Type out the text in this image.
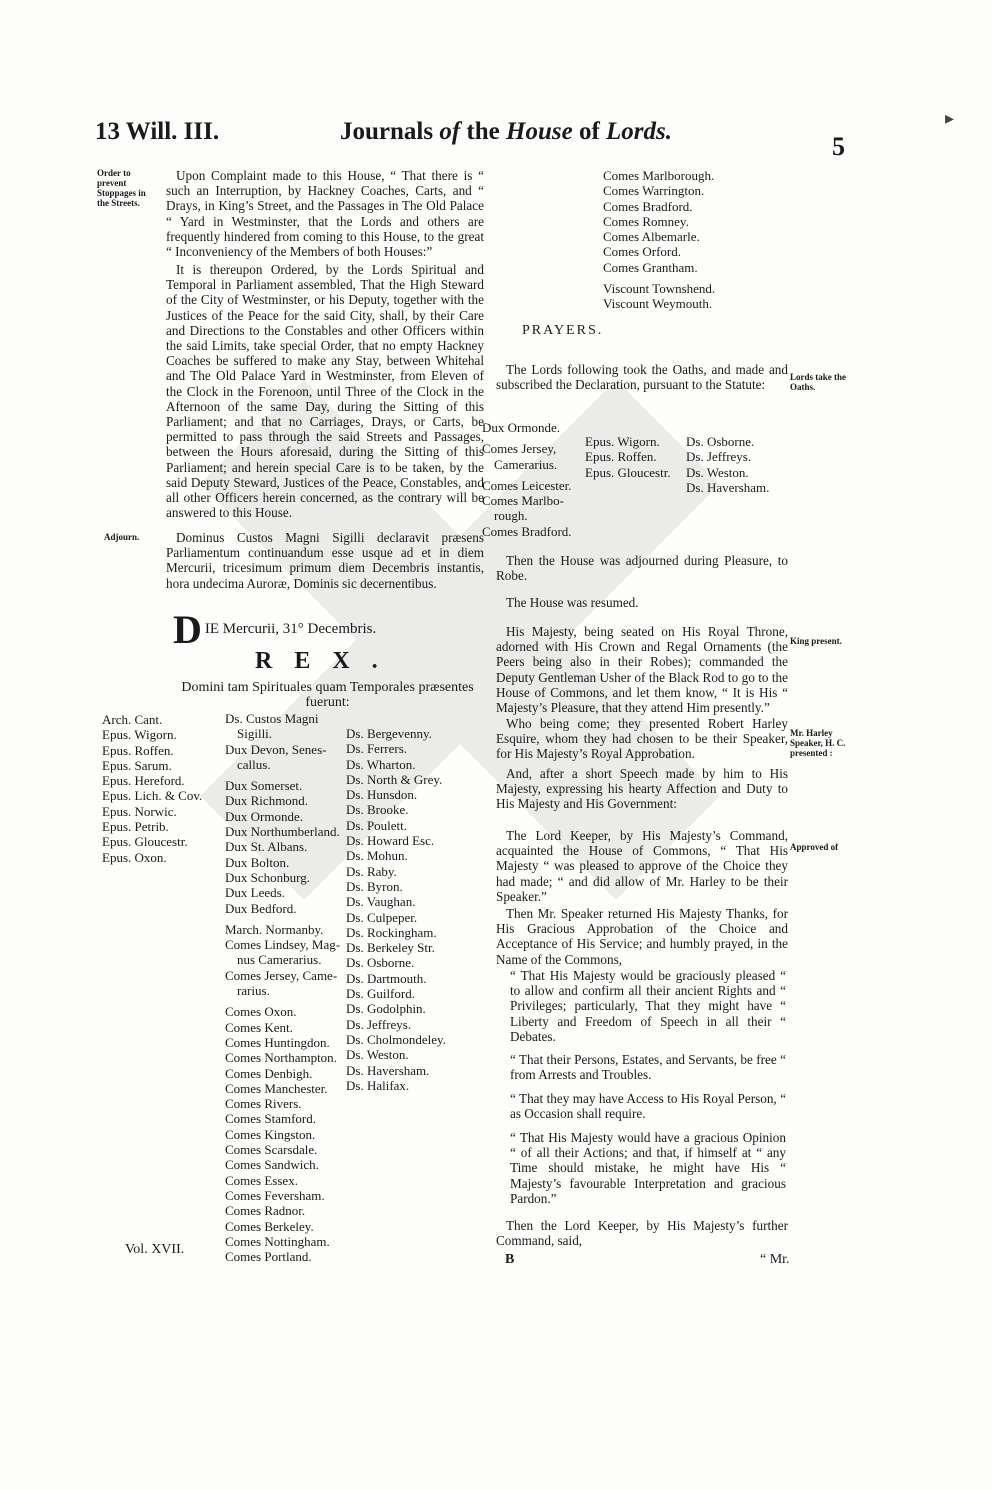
13 Will. III.	Journals of the House of Lords.
5
▸
Order to prevent Stoppages in the Streets.
Adjourn.
Upon Complaint made to this House, “ That there is “ such an Interruption, by Hackney Coaches, Carts, and “ Drays, in King’s Street, and the Passages in The Old Palace “ Yard in Westminster, that the Lords and others are frequently hindered from coming to this House, to the great “ Inconveniency of the Members of both Houses:”
It is thereupon Ordered, by the Lords Spiritual and Temporal in Parliament assembled, That the High Steward of the City of Westminster, or his Deputy, together with the Justices of the Peace for the said City, shall, by their Care and Directions to the Constables and other Officers within the said Limits, take special Order, that no empty Hackney Coaches be suffered to make any Stay, between Whitehal and The Old Palace Yard in Westminster, from Eleven of the Clock in the Forenoon, until Three of the Clock in the Afternoon of the same Day, during the Sitting of this Parliament; and that no Carriages, Drays, or Carts, be permitted to pass through the said Streets and Passages, between the Hours aforesaid, during the Sitting of this Parliament; and herein special Care is to be taken, by the said Deputy Steward, Justices of the Peace, Constables, and all other Officers herein concerned, as the contrary will be answered to this House.
Dominus Custos Magni Sigilli declaravit præsens Parliamentum continuandum esse usque ad et in diem Mercurii, tricesimum primum diem Decembris instantis, hora undecima Auroræ, Dominis sic decernentibus.
D IE Mercurii, 31° Decembris.
REX.
Domini tam Spirituales quam Temporales præsentes fuerunt:
Arch. Cant.
Epus. Wigorn.
Epus. Roffen.
Epus. Sarum.
Epus. Hereford.
Epus. Lich. & Cov.
Epus. Norwic.
Epus. Petrib.
Epus. Gloucestr.
Epus. Oxon.
Ds. Custos Magni
Sigilli.
Dux Devon, Senes-
callus.
Dux Somerset.
Dux Richmond.
Dux Ormonde.
Dux Northumberland.
Dux St. Albans.
Dux Bolton.
Dux Schonburg.
Dux Leeds.
Dux Bedford.
March. Normanby.
Comes Lindsey, Mag-
nus Camerarius.
Comes Jersey, Came-
rarius.
Comes Oxon.
Comes Kent.
Comes Huntingdon.
Comes Northampton.
Comes Denbigh.
Comes Manchester.
Comes Rivers.
Comes Stamford.
Comes Kingston.
Comes Scarsdale.
Comes Sandwich.
Comes Essex.
Comes Feversham.
Comes Radnor.
Comes Berkeley.
Comes Nottingham.
Comes Portland.
Ds. Bergevenny.
Ds. Ferrers.
Ds. Wharton.
Ds. North & Grey.
Ds. Hunsdon.
Ds. Brooke.
Ds. Poulett.
Ds. Howard Esc.
Ds. Mohun.
Ds. Raby.
Ds. Byron.
Ds. Vaughan.
Ds. Culpeper.
Ds. Rockingham.
Ds. Berkeley Str.
Ds. Osborne.
Ds. Dartmouth.
Ds. Guilford.
Ds. Godolphin.
Ds. Jeffreys.
Ds. Cholmondeley.
Ds. Weston.
Ds. Haversham.
Ds. Halifax.
Vol. XVII.
Comes Marlborough.
Comes Warrington.
Comes Bradford.
Comes Romney.
Comes Albemarle.
Comes Orford.
Comes Grantham.
Viscount Townshend.
Viscount Weymouth.
PRAYERS.
The Lords following took the Oaths, and made and subscribed the Declaration, pursuant to the Statute:
Lords take the Oaths.
Dux Ormonde.
Comes Jersey,
Camerarius.
Comes Leicester.
Comes Marlbo-
rough.
Comes Bradford.
Epus. Wigorn.
Epus. Roffen.
Epus. Gloucestr.
Ds. Osborne.
Ds. Jeffreys.
Ds. Weston.
Ds. Haversham.
Then the House was adjourned during Pleasure, to Robe.
The House was resumed.
His Majesty, being seated on His Royal Throne, adorned with His Crown and Regal Ornaments (the Peers being also in their Robes); commanded the Deputy Gentleman Usher of the Black Rod to go to the House of Commons, and let them know, “ It is His “ Majesty’s Pleasure, that they attend Him presently.”
King present.
Who being come; they presented Robert Harley Esquire, whom they had chosen to be their Speaker, for His Majesty’s Royal Approbation.
Mr. Harley Speaker, H. C. presented :
And, after a short Speech made by him to His Majesty, expressing his hearty Affection and Duty to His Majesty and His Government:
The Lord Keeper, by His Majesty’s Command, acquainted the House of Commons, “ That His Majesty “ was pleased to approve of the Choice they had made; “ and did allow of Mr. Harley to be their Speaker.”
Approved of
Then Mr. Speaker returned His Majesty Thanks, for His Gracious Approbation of the Choice and Acceptance of His Service; and humbly prayed, in the Name of the Commons,
“ That His Majesty would be graciously pleased “ to allow and confirm all their ancient Rights and “ Privileges; particularly, That they might have “ Liberty and Freedom of Speech in all their “ Debates.
“ That their Persons, Estates, and Servants, be free “ from Arrests and Troubles.
“ That they may have Access to His Royal Person, “ as Occasion shall require.
“ That His Majesty would have a gracious Opinion “ of all their Actions; and that, if himself at “ any Time should mistake, he might have His “ Majesty’s favourable Interpretation and gracious Pardon.”
Then the Lord Keeper, by His Majesty’s further Command, said,
B	“ Mr.
